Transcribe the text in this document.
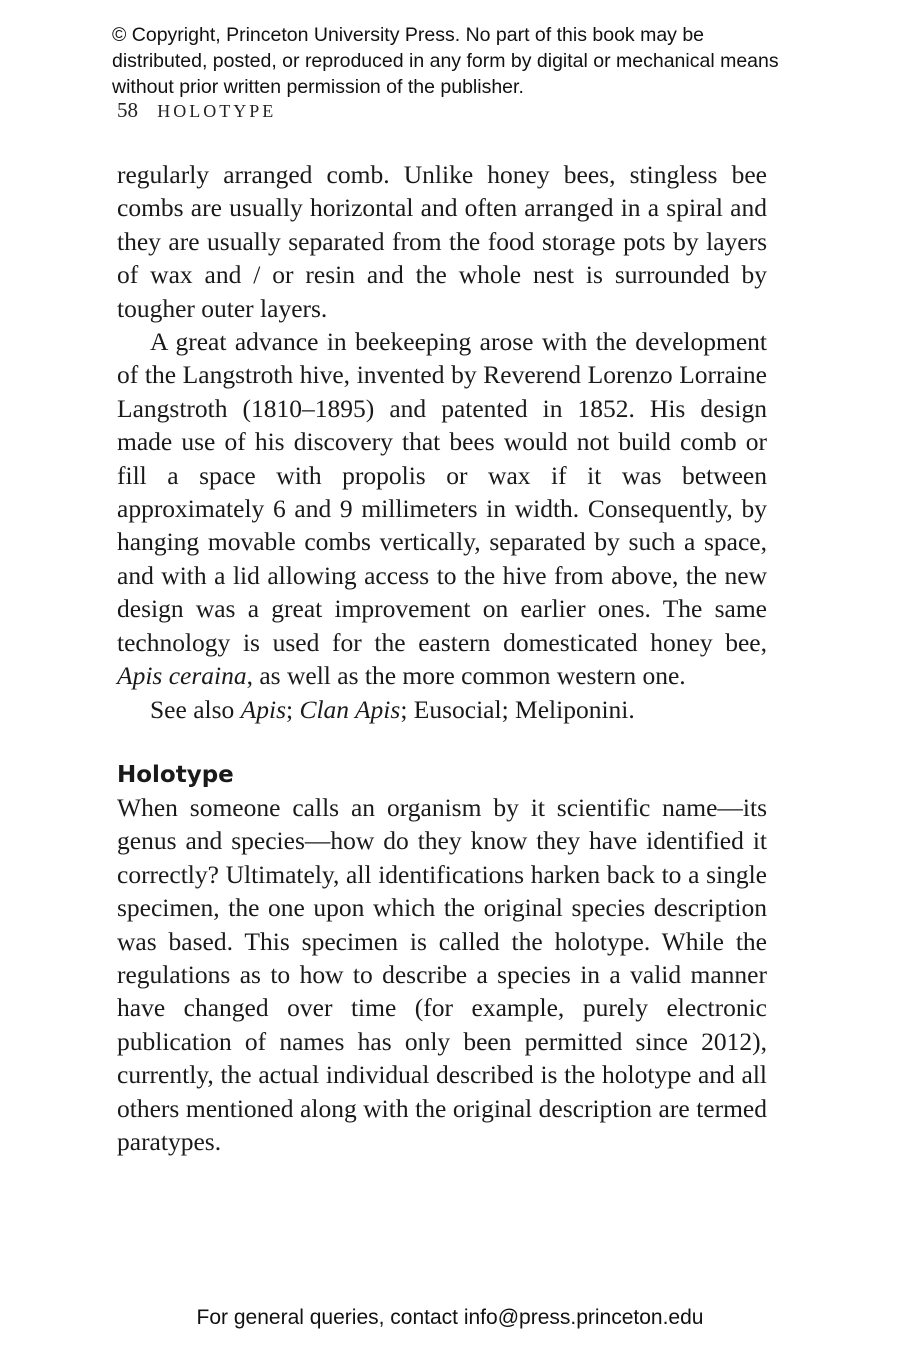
© Copyright, Princeton University Press. No part of this book may be distributed, posted, or reproduced in any form by digital or mechanical means without prior written permission of the publisher.
58 HOLOTYPE

regularly arranged comb. Unlike honey bees, stingless bee combs are usually horizontal and often arranged in a spiral and they are usually separated from the food storage pots by layers of wax and / or resin and the whole nest is surrounded by tougher outer layers.

A great advance in beekeeping arose with the development of the Langstroth hive, invented by Reverend Lorenzo Lorraine Langstroth (1810–1895) and patented in 1852. His design made use of his discovery that bees would not build comb or fill a space with propolis or wax if it was between approximately 6 and 9 millimeters in width. Consequently, by hanging movable combs vertically, separated by such a space, and with a lid allowing access to the hive from above, the new design was a great improvement on earlier ones. The same technology is used for the eastern domesticated honey bee, Apis ceraina, as well as the more common western one.

See also Apis; Clan Apis; Eusocial; Meliponini.

Holotype

When someone calls an organism by it scientific name—its genus and species—how do they know they have identified it correctly? Ultimately, all identifications harken back to a single specimen, the one upon which the original species description was based. This specimen is called the holotype. While the regulations as to how to describe a species in a valid manner have changed over time (for example, purely electronic publication of names has only been permitted since 2012), currently, the actual individual described is the holotype and all others mentioned along with the original description are termed paratypes.

For general queries, contact info@press.princeton.edu
